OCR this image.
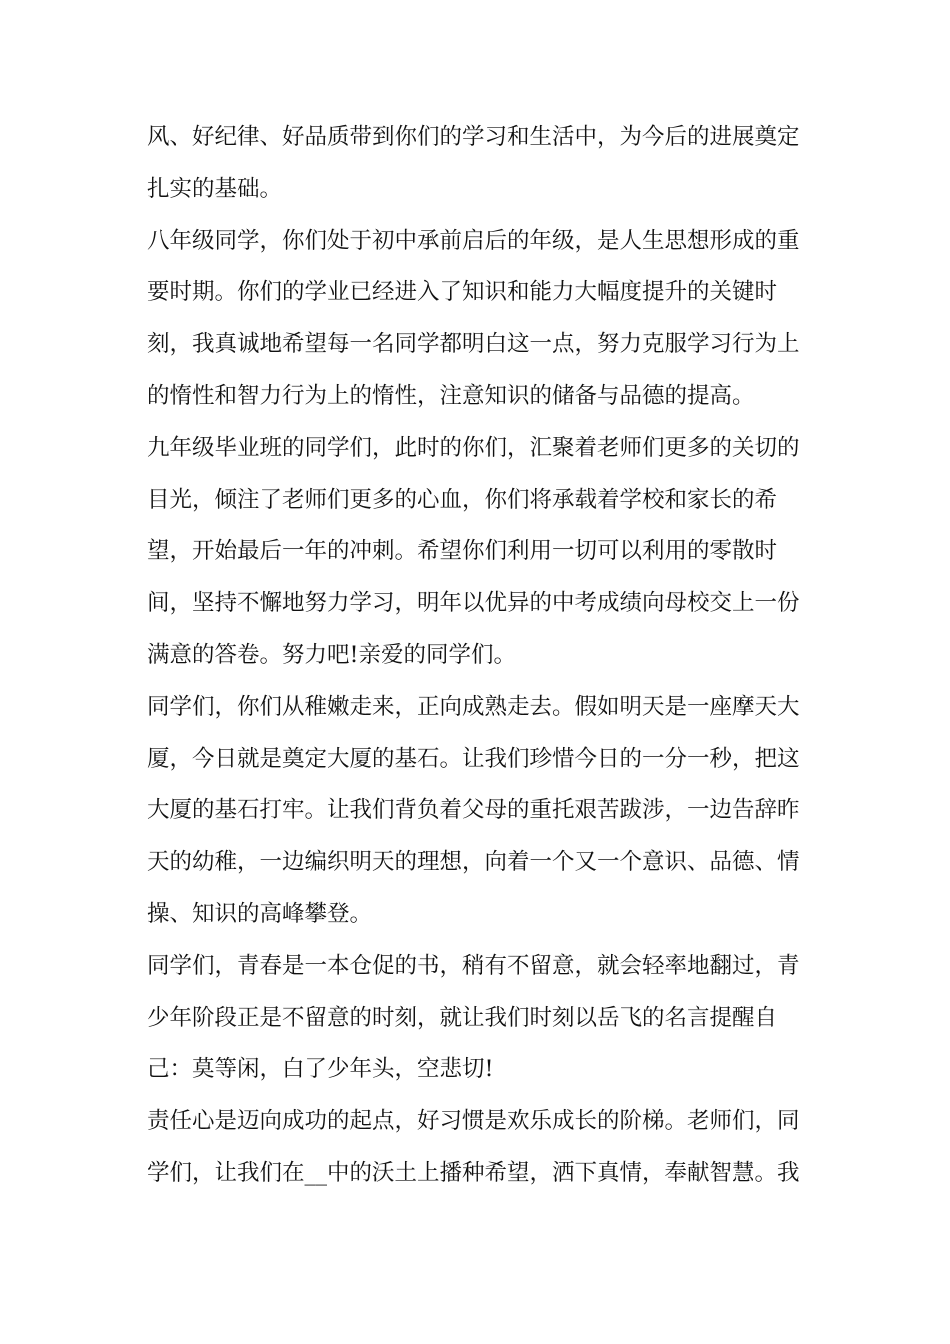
风、好纪律、好品质带到你们的学习和生活中，为今后的进展奠定
扎实的基础。
八年级同学，你们处于初中承前启后的年级，是人生思想形成的重
要时期。你们的学业已经进入了知识和能力大幅度提升的关键时
刻，我真诚地希望每一名同学都明白这一点，努力克服学习行为上
的惰性和智力行为上的惰性，注意知识的储备与品德的提高。
九年级毕业班的同学们，此时的你们，汇聚着老师们更多的关切的
目光，倾注了老师们更多的心血，你们将承载着学校和家长的希
望，开始最后一年的冲刺。希望你们利用一切可以利用的零散时
间，坚持不懈地努力学习，明年以优异的中考成绩向母校交上一份
满意的答卷。努力吧!亲爱的同学们。
同学们，你们从稚嫩走来，正向成熟走去。假如明天是一座摩天大
厦，今日就是奠定大厦的基石。让我们珍惜今日的一分一秒，把这
大厦的基石打牢。让我们背负着父母的重托艰苦跋涉，一边告辞昨
天的幼稚，一边编织明天的理想，向着一个又一个意识、品德、情
操、知识的高峰攀登。
同学们，青春是一本仓促的书，稍有不留意，就会轻率地翻过，青
少年阶段正是不留意的时刻，就让我们时刻以岳飞的名言提醒自
己：莫等闲，白了少年头，空悲切!
责任心是迈向成功的起点，好习惯是欢乐成长的阶梯。老师们，同
学们，让我们在__中的沃土上播种希望，洒下真情，奉献智慧。我
